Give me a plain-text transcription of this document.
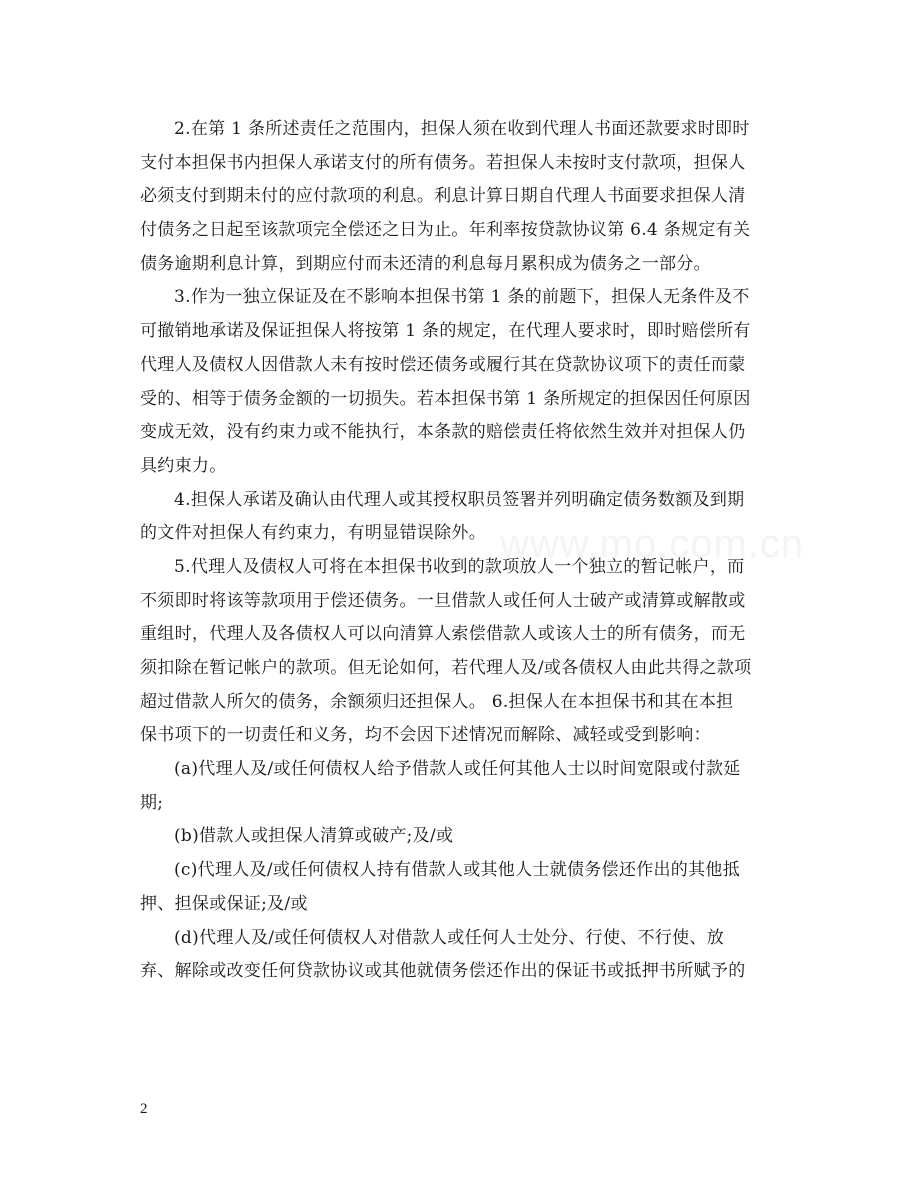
www.mo.com.cn
2.在第 1 条所述责任之范围内，担保人须在收到代理人书面还款要求时即时
支付本担保书内担保人承诺支付的所有债务。若担保人未按时支付款项，担保人
必须支付到期未付的应付款项的利息。利息计算日期自代理人书面要求担保人清
付债务之日起至该款项完全偿还之日为止。年利率按贷款协议第 6.4 条规定有关
债务逾期利息计算，到期应付而未还清的利息每月累积成为债务之一部分。
3.作为一独立保证及在不影响本担保书第 1 条的前题下，担保人无条件及不
可撤销地承诺及保证担保人将按第 1 条的规定，在代理人要求时，即时赔偿所有
代理人及债权人因借款人未有按时偿还债务或履行其在贷款协议项下的责任而蒙
受的、相等于债务金额的一切损失。若本担保书第 1 条所规定的担保因任何原因
变成无效，没有约束力或不能执行，本条款的赔偿责任将依然生效并对担保人仍
具约束力。
4.担保人承诺及确认由代理人或其授权职员签署并列明确定债务数额及到期
的文件对担保人有约束力，有明显错误除外。
5.代理人及债权人可将在本担保书收到的款项放人一个独立的暂记帐户，而
不须即时将该等款项用于偿还债务。一旦借款人或任何人士破产或清算或解散或
重组时，代理人及各债权人可以向清算人索偿借款人或该人士的所有债务，而无
须扣除在暂记帐户的款项。但无论如何，若代理人及/或各债权人由此共得之款项
超过借款人所欠的债务，余额须归还担保人。 6.担保人在本担保书和其在本担
保书项下的一切责任和义务，均不会因下述情况而解除、减轻或受到影响：
(a)代理人及/或任何债权人给予借款人或任何其他人士以时间宽限或付款延
期;
(b)借款人或担保人清算或破产;及/或
(c)代理人及/或任何债权人持有借款人或其他人士就债务偿还作出的其他抵
押、担保或保证;及/或
(d)代理人及/或任何债权人对借款人或任何人士处分、行使、不行使、放
弃、解除或改变任何贷款协议或其他就债务偿还作出的保证书或抵押书所赋予的
2
